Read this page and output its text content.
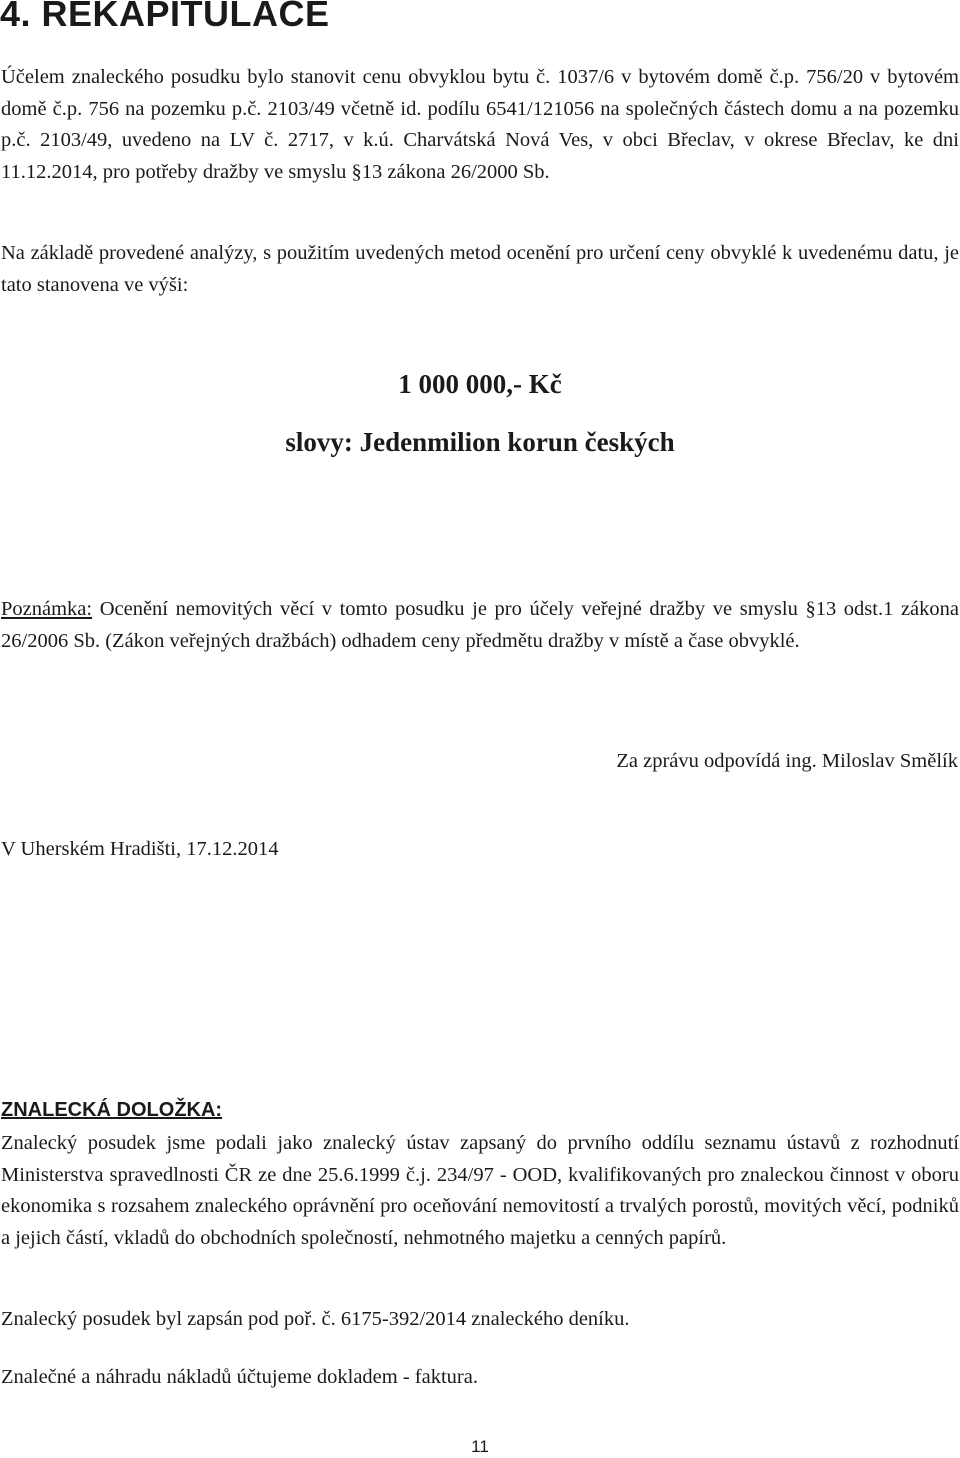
4. REKAPITULACE
Účelem znaleckého posudku bylo stanovit cenu obvyklou bytu č. 1037/6 v bytovém domě č.p. 756/20 v bytovém domě č.p. 756 na pozemku p.č. 2103/49 včetně id. podílu 6541/121056 na společných částech domu a na pozemku p.č. 2103/49, uvedeno na LV č. 2717, v k.ú. Charvátská Nová Ves, v obci Břeclav, v okrese Břeclav, ke dni 11.12.2014, pro potřeby dražby ve smyslu §13 zákona 26/2000 Sb.
Na základě provedené analýzy, s použitím uvedených metod ocenění pro určení ceny obvyklé k uvedenému datu, je tato stanovena ve výši:
1 000 000,- Kč
slovy: Jedenmilion korun českých
Poznámka: Ocenění nemovitých věcí v tomto posudku je pro účely veřejné dražby ve smyslu §13 odst.1 zákona 26/2006 Sb. (Zákon veřejných dražbách) odhadem ceny předmětu dražby v místě a čase obvyklé.
Za zprávu odpovídá ing. Miloslav Smělík
V Uherském Hradišti, 17.12.2014
ZNALECKÁ DOLOŽKA:
Znalecký posudek jsme podali jako znalecký ústav zapsaný do prvního oddílu seznamu ústavů z rozhodnutí Ministerstva spravedlnosti ČR ze dne 25.6.1999 č.j. 234/97 - OOD, kvalifikovaných pro znaleckou činnost v oboru ekonomika s rozsahem znaleckého oprávnění pro oceňování nemovitostí a trvalých porostů, movitých věcí, podniků a jejich částí, vkladů do obchodních společností, nehmotného majetku a cenných papírů.
Znalecký posudek byl zapsán pod poř. č. 6175-392/2014 znaleckého deníku.
Znalečné a náhradu nákladů účtujeme dokladem - faktura.
11
